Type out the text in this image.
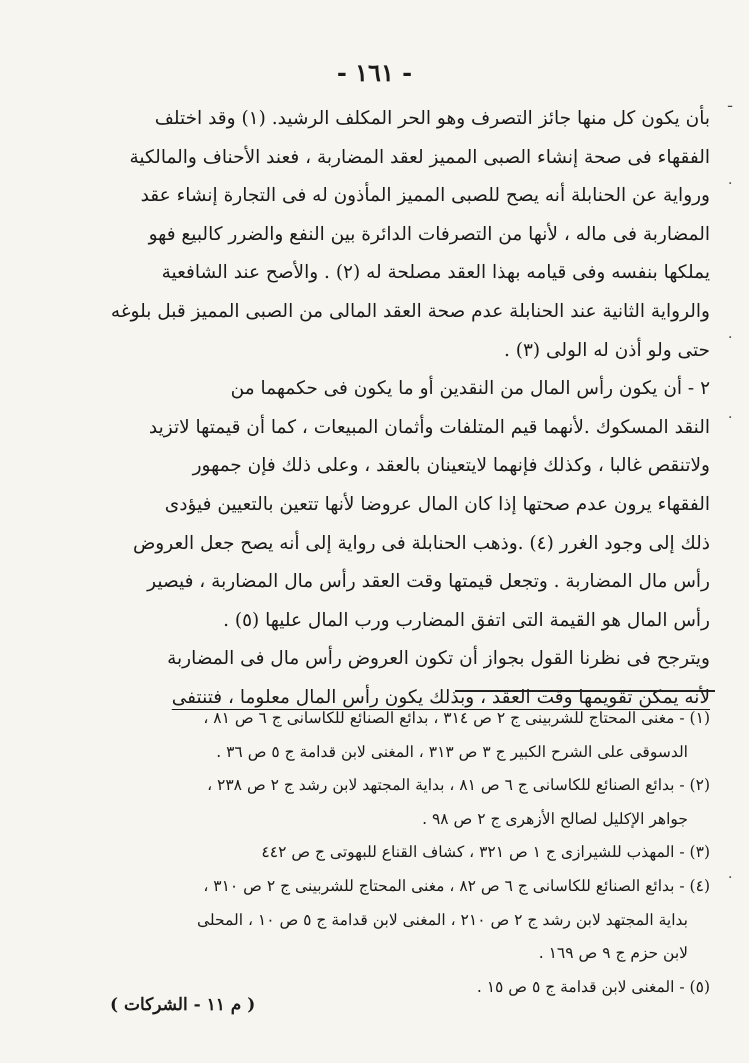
- ١٦١ -
بأن يكون كل منها جائز التصرف وهو الحر المكلف الرشيد. (١) وقد اختلف
الفقهاء فى صحة إنشاء الصبى المميز لعقد المضاربة ، فعند الأحناف والمالكية
ورواية عن الحنابلة أنه يصح للصبى المميز المأذون له فى التجارة إنشاء عقد
المضاربة فى ماله ، لأنها من التصرفات الدائرة بين النفع والضرر كالبيع فهو
يملكها بنفسه وفى قيامه بهذا العقد مصلحة له (٢) . والأصح عند الشافعية
والرواية الثانية عند الحنابلة عدم صحة العقد المالى من الصبى المميز قبل بلوغه
حتى ولو أذن له الولى (٣) .
٢ - أن يكون رأس المال من النقدين أو ما يكون فى حكمهما من
النقد المسكوك .لأنهما قيم المتلفات وأثمان المبيعات ، كما أن قيمتها لاتزيد
ولاتنقص غالبا ، وكذلك فإنهما لايتعينان بالعقد ، وعلى ذلك فإن جمهور
الفقهاء يرون عدم صحتها إذا كان المال عروضا لأنها تتعين بالتعيين فيؤدى
ذلك إلى وجود الغرر (٤) .وذهب الحنابلة فى رواية إلى أنه يصح جعل العروض
رأس مال المضاربة . وتجعل قيمتها وقت العقد رأس مال المضاربة ، فيصير
رأس المال هو القيمة التى اتفق المضارب ورب المال عليها (٥) .
ويترجح فى نظرنا القول بجواز أن تكون العروض رأس مال فى المضاربة
لأنه يمكن تقويمها وقت العقد ، وبذلك يكون رأس المال معلوما ، فتنتفى
(١) - مغنى المحتاج للشربينى ج ٢ ص ٣١٤ ، بدائع الصنائع للكاسانى ج ٦ ص ٨١ ،
الدسوقى على الشرح الكبير ج ٣ ص ٣١٣ ، المغنى لابن قدامة ج ٥ ص ٣٦ .
(٢) - بدائع الصنائع للكاسانى ج ٦ ص ٨١ ، بداية المجتهد لابن رشد ج ٢ ص ٢٣٨ ،
جواهر الإكليل لصالح الأزهرى ج ٢ ص ٩٨ .
(٣) - المهذب للشيرازى ج ١ ص ٣٢١ ، كشاف القناع للبهوتى ج ص ٤٤٢
(٤) - بدائع الصنائع للكاسانى ج ٦ ص ٨٢ ، مغنى المحتاج للشربينى ج ٢ ص ٣١٠ ،
بداية المجتهد لابن رشد ج ٢ ص ٢١٠ ، المغنى لابن قدامة ج ٥ ص ١٠ ، المحلى
لابن حزم ج ٩ ص ١٦٩ .
(٥) - المغنى لابن قدامة ج ٥ ص ١٥ .
( م ١١ - الشركات )
ـ
·
·
·
·
